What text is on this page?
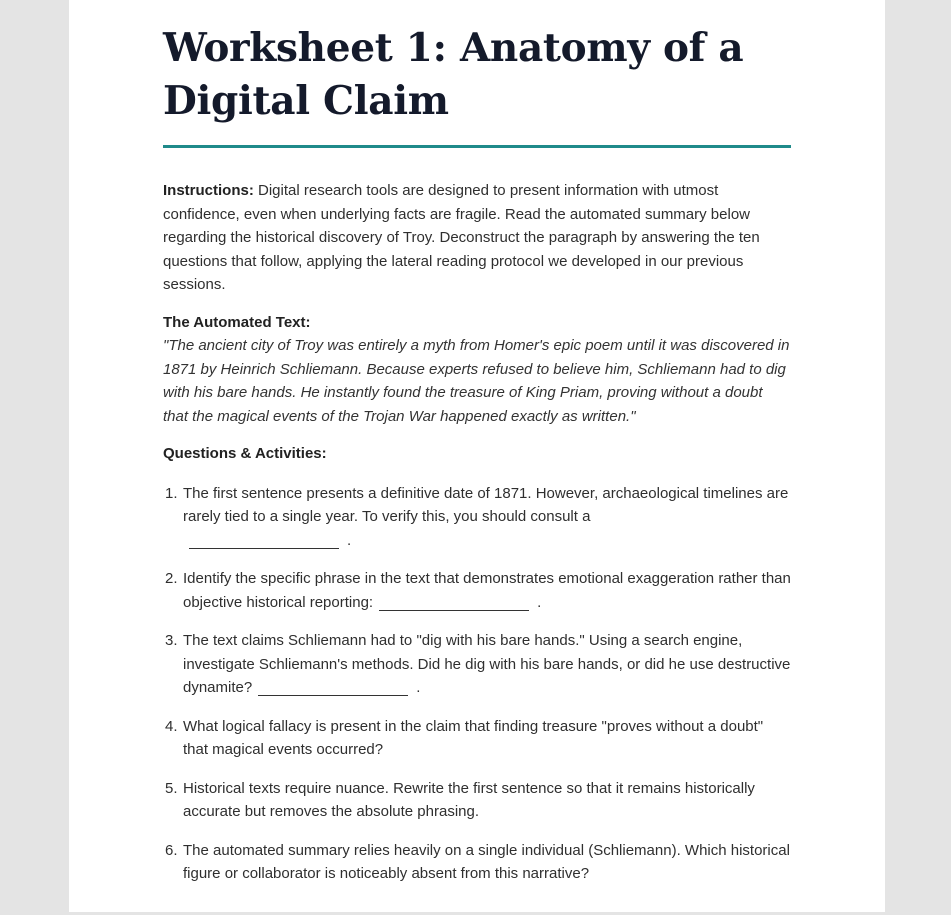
Worksheet 1: Anatomy of a Digital Claim

Instructions: Digital research tools are designed to present information with utmost confidence, even when underlying facts are fragile. Read the automated summary below regarding the historical discovery of Troy. Deconstruct the paragraph by answering the ten questions that follow, applying the lateral reading protocol we developed in our previous sessions.

The Automated Text:

"The ancient city of Troy was entirely a myth from Homer's epic poem until it was discovered in 1871 by Heinrich Schliemann. Because experts refused to believe him, Schliemann had to dig with his bare hands. He instantly found the treasure of King Priam, proving without a doubt that the magical events of the Trojan War happened exactly as written."

Questions & Activities:

1. The first sentence presents a definitive date of 1871. However, archaeological timelines are rarely tied to a single year. To verify this, you should consult a
.
2. Identify the specific phrase in the text that demonstrates emotional exaggeration rather than objective historical reporting:	.
3. The text claims Schliemann had to "dig with his bare hands." Using a search engine, investigate Schliemann's methods. Did he dig with his bare hands, or did he use destructive dynamite?	.
4. What logical fallacy is present in the claim that finding treasure "proves without a doubt" that magical events occurred?
5. Historical texts require nuance. Rewrite the first sentence so that it remains historically accurate but removes the absolute phrasing.
6. The automated summary relies heavily on a single individual (Schliemann). Which historical figure or collaborator is noticeably absent from this narrative?
